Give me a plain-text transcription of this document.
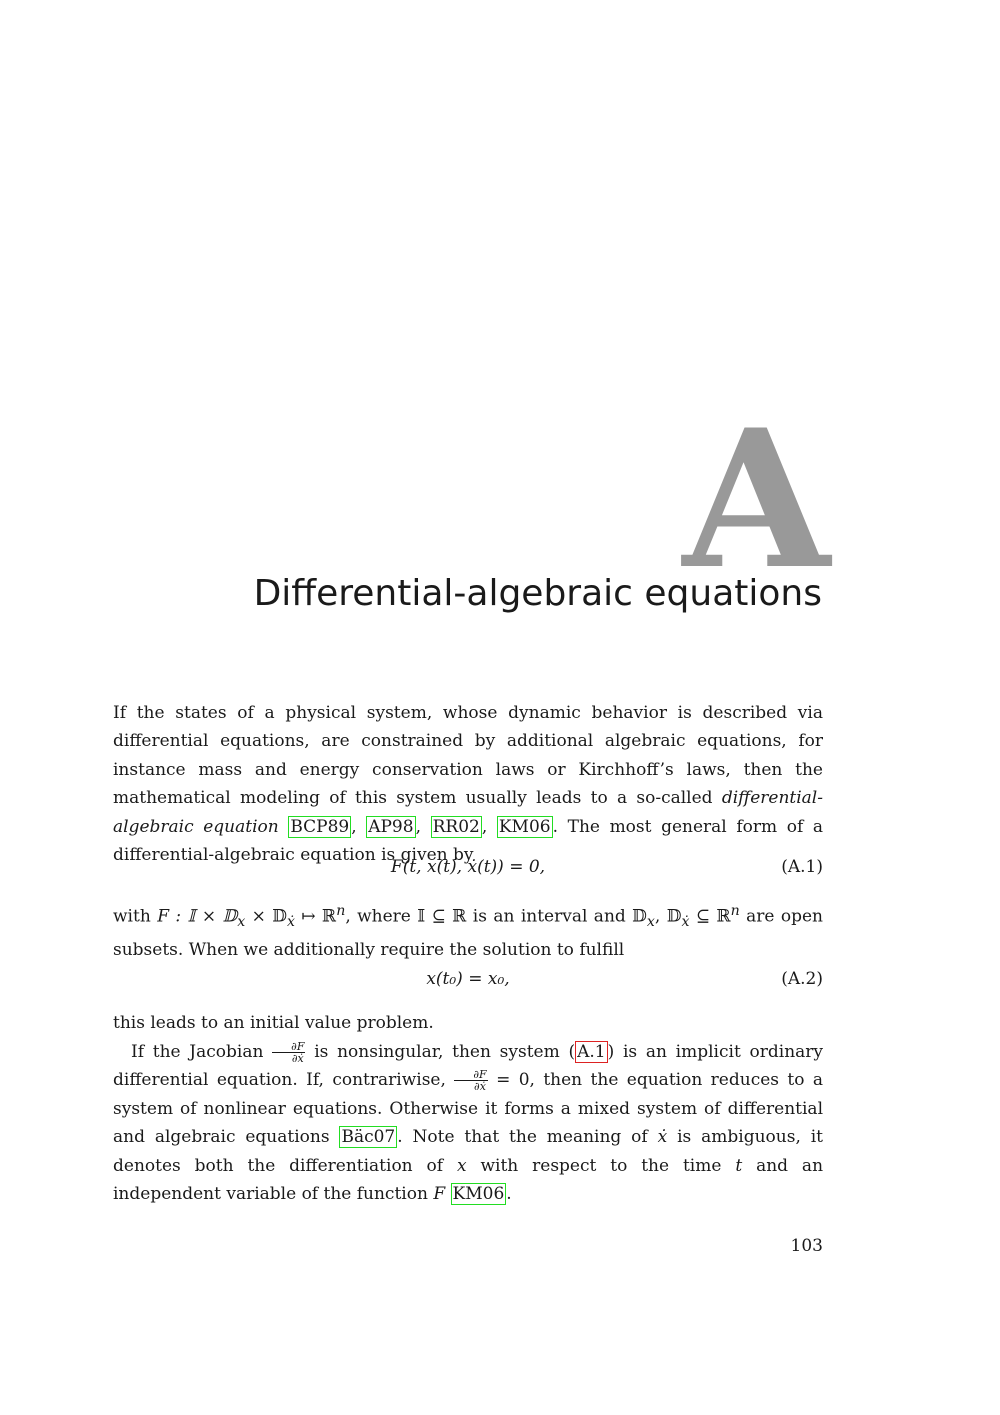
A
Differential-algebraic equations
If the states of a physical system, whose dynamic behavior is described via differential equations, are constrained by additional algebraic equations, for instance mass and energy conservation laws or Kirchhoff’s laws, then the mathematical modeling of this system usually leads to a so-called differential-algebraic equation BCP89 , AP98 , RR02 , KM06 . The most general form of a differential-algebraic equation is given by
F(t, x(t), ẋ(t)) = 0,	(A.1)
with F : 𝕀 × 𝔻$_x$ × 𝔻$_ẋ$ ↦ ℝ$^n$, where 𝕀 ⊆ ℝ is an interval and 𝔻$_x$, 𝔻$_ẋ$ ⊆ ℝ$^n$ are open subsets. When we additionally require the solution to fulfill
x(t₀) = x₀,	(A.2)
this leads to an initial value problem.
If the Jacobian $\frac{\partial F}{\text{∂ẋ}}$ is nonsingular, then system ( A.1 ) is an implicit ordinary differential equation. If, contrariwise, $\frac{\partial F}{\text{∂ẋ}} = 0$, then the equation reduces to a system of nonlinear equations. Otherwise it forms a mixed system of differential and algebraic equations Bäc07 . Note that the meaning of ẋ is ambiguous, it denotes both the differentiation of x with respect to the time t and an independent variable of the function F KM06 .
103
